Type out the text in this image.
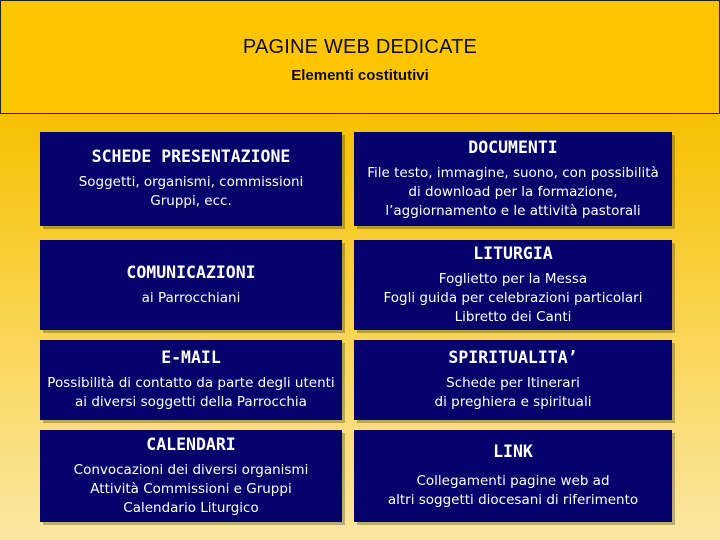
PAGINE WEB DEDICATE
Elementi costitutivi
SCHEDE PRESENTAZIONE
Soggetti, organismi, commissioni
Gruppi, ecc.
DOCUMENTI
File testo, immagine, suono, con possibilità
di download per la formazione,
l’aggiornamento e le attività pastorali
COMUNICAZIONI
ai Parrocchiani
LITURGIA
Foglietto per la Messa
Fogli guida per celebrazioni particolari
Libretto dei Canti
E-MAIL
Possibilità di contatto da parte degli utenti
ai diversi soggetti della Parrocchia
SPIRITUALITA’
Schede per Itinerari
di preghiera e spirituali
CALENDARI
Convocazioni dei diversi organismi
Attività Commissioni e Gruppi
Calendario Liturgico
LINK
Collegamenti pagine web ad
altri soggetti diocesani di riferimento
